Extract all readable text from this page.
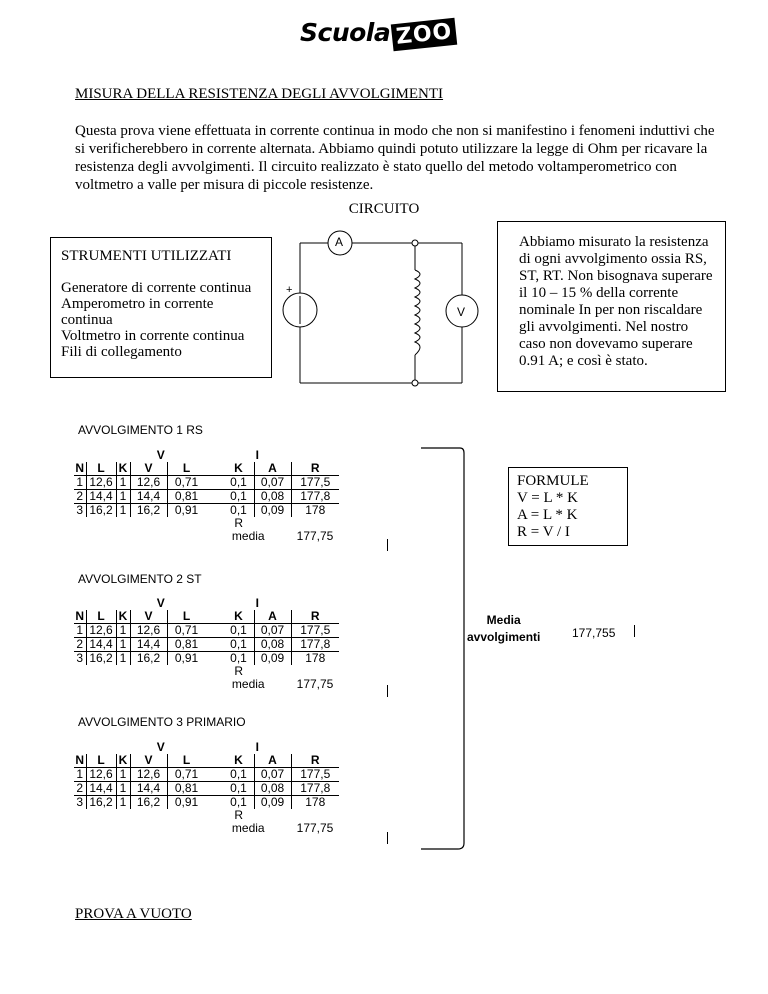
Scuola ZOO
MISURA DELLA RESISTENZA DEGLI AVVOLGIMENTI
Questa prova viene effettuata in corrente continua in modo che non si manifestino i fenomeni induttivi che si verificherebbero in corrente alternata. Abbiamo quindi potuto utilizzare la legge di Ohm per ricavare la resistenza degli avvolgimenti. Il circuito realizzato è stato quello del metodo voltamperometrico con voltmetro a valle per misura di piccole resistenze.
CIRCUITO
STRUMENTI UTILIZZATI
Generatore di corrente continua
Amperometro in corrente continua
Voltmetro in corrente continua
Fili di collegamento
A
V
+
Abbiamo misurato la resistenza di ogni avvolgimento ossia RS, ST, RT. Non bisognava superare il 10 – 15 % della corrente nominale In per non riscaldare gli avvolgimenti. Nel nostro caso non dovevamo superare 0.91 A; e così è stato.
FORMULE
V = L * K
A = L * K
R = V / I
AVVOLGIMENTO 1 RS
		V				I		
N	L	K	V	L		K	A	R
1	12,6	1	12,6	0,71		0,1	0,07	177,5
2	14,4	1	14,4	0,81		0,1	0,08	177,8
3	16,2	1	16,2	0,91		0,1	0,09	178
						R			
					media			177,75
AVVOLGIMENTO 2 ST
		V				I		
N	L	K	V	L		K	A	R
1	12,6	1	12,6	0,71		0,1	0,07	177,5
2	14,4	1	14,4	0,81		0,1	0,08	177,8
3	16,2	1	16,2	0,91		0,1	0,09	178
						R			
					media			177,75
AVVOLGIMENTO 3 PRIMARIO
		V				I		
N	L	K	V	L		K	A	R
1	12,6	1	12,6	0,71		0,1	0,07	177,5
2	14,4	1	14,4	0,81		0,1	0,08	177,8
3	16,2	1	16,2	0,91		0,1	0,09	178
						R			
					media			177,75
Media
avvolgimenti	177,755
PROVA A VUOTO
